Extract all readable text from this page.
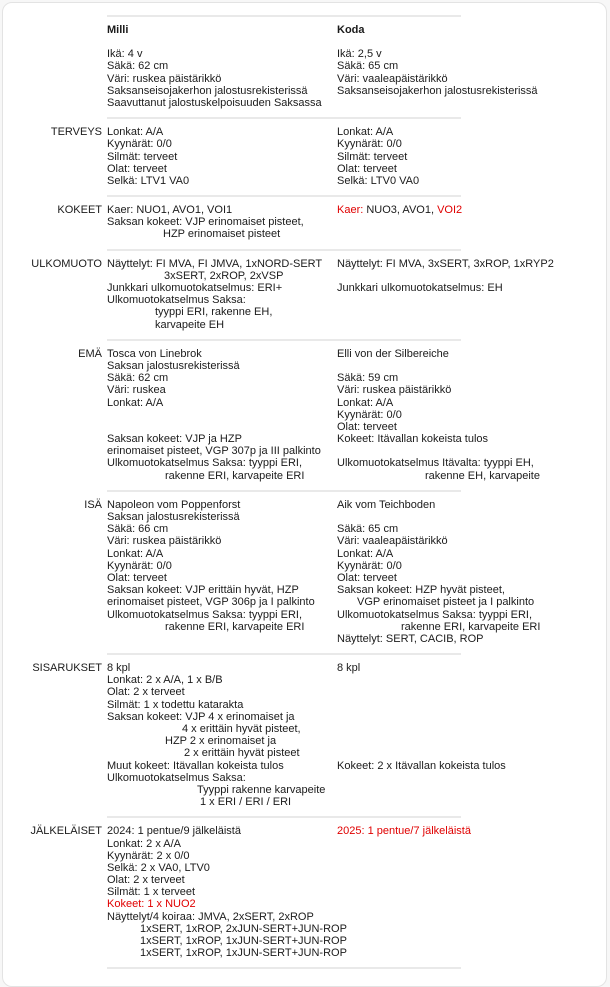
Milli	Koda
Ikä: 4 v
Säkä: 62 cm
Väri: ruskea päistärikkö
Saksanseisojakerhon jalostusrekisterissä
Saavuttanut jalostuskelpoisuuden Saksassa
Ikä: 2,5 v
Säkä: 65 cm
Väri: vaaleapäistärikkö
Saksanseisojakerhon jalostusrekisterissä
TERVEYS Lonkat: A/A
Kyynärät: 0/0
Silmät: terveet
Olat: terveet
Selkä: LTV1 VA0
Lonkat: A/A
Kyynärät: 0/0
Silmät: terveet
Olat: terveet
Selkä: LTV0 VA0
KOKEET Kaer: NUO1, AVO1, VOI1
Saksan kokeet: VJP erinomaiset pisteet,
HZP erinomaiset pisteet
Kaer: NUO3, AVO1, VOI2
ULKOMUOTO Näyttelyt: FI MVA, FI JMVA, 1xNORD-SERT
3xSERT, 2xROP, 2xVSP
Junkkari ulkomuotokatselmus: ERI+
Ulkomuotokatselmus Saksa:
tyyppi ERI, rakenne EH,
karvapeite EH
Näyttelyt: FI MVA, 3xSERT, 3xROP, 1xRYP2

Junkkari ulkomuotokatselmus: EH
EMÄ Tosca von Linebrok
Saksan jalostusrekisterissä
Säkä: 62 cm
Väri: ruskea
Lonkat: A/A

Saksan kokeet: VJP ja HZP
erinomaiset pisteet, VGP 307p ja III palkinto
Ulkomuotokatselmus Saksa: tyyppi ERI,
rakenne ERI, karvapeite ERI
Elli von der Silbereiche

Säkä: 59 cm
Väri: ruskea päistärikkö
Lonkat: A/A
Kyynärät: 0/0
Olat: terveet
Kokeet: Itävallan kokeista tulos

Ulkomuotokatselmus Itävalta: tyyppi EH,
rakenne EH, karvapeite
ISÄ Napoleon vom Poppenforst
Saksan jalostusrekisterissä
Säkä: 66 cm
Väri: ruskea päistärikkö
Lonkat: A/A
Kyynärät: 0/0
Olat: terveet
Saksan kokeet: VJP erittäin hyvät, HZP
erinomaiset pisteet, VGP 306p ja I palkinto
Ulkomuotokatselmus Saksa: tyyppi ERI,
rakenne ERI, karvapeite ERI
Aik vom Teichboden

Säkä: 65 cm
Väri: vaaleapäistärikkö
Lonkat: A/A
Kyynärät: 0/0
Olat: terveet
Saksan kokeet: HZP hyvät pisteet,
VGP erinomaiset pisteet ja I palkinto
Ulkomuotokatselmus Saksa: tyyppi ERI,
rakenne ERI, karvapeite ERI
Näyttelyt: SERT, CACIB, ROP
SISARUKSET 8 kpl
Lonkat: 2 x A/A, 1 x B/B
Olat: 2 x terveet
Silmät: 1 x todettu katarakta
Saksan kokeet: VJP 4 x erinomaiset ja
4 x erittäin hyvät pisteet,
HZP 2 x erinomaiset ja
2 x erittäin hyvät pisteet
Muut kokeet: Itävallan kokeista tulos
Ulkomuotokatselmus Saksa:
Tyyppi rakenne karvapeite
1 x ERI / ERI / ERI
8 kpl

Kokeet: 2 x Itävallan kokeista tulos
JÄLKELÄISET 2024: 1 pentue/9 jälkeläistä
Lonkat: 2 x A/A
Kyynärät: 2 x 0/0
Selkä: 2 x VA0, LTV0
Olat: 2 x terveet
Silmät: 1 x terveet
Kokeet: 1 x NUO2
Näyttelyt/4 koiraa: JMVA, 2xSERT, 2xROP
1xSERT, 1xROP, 2xJUN-SERT+JUN-ROP
1xSERT, 1xROP, 1xJUN-SERT+JUN-ROP
1xSERT, 1xROP, 1xJUN-SERT+JUN-ROP
2025: 1 pentue/7 jälkeläistä
